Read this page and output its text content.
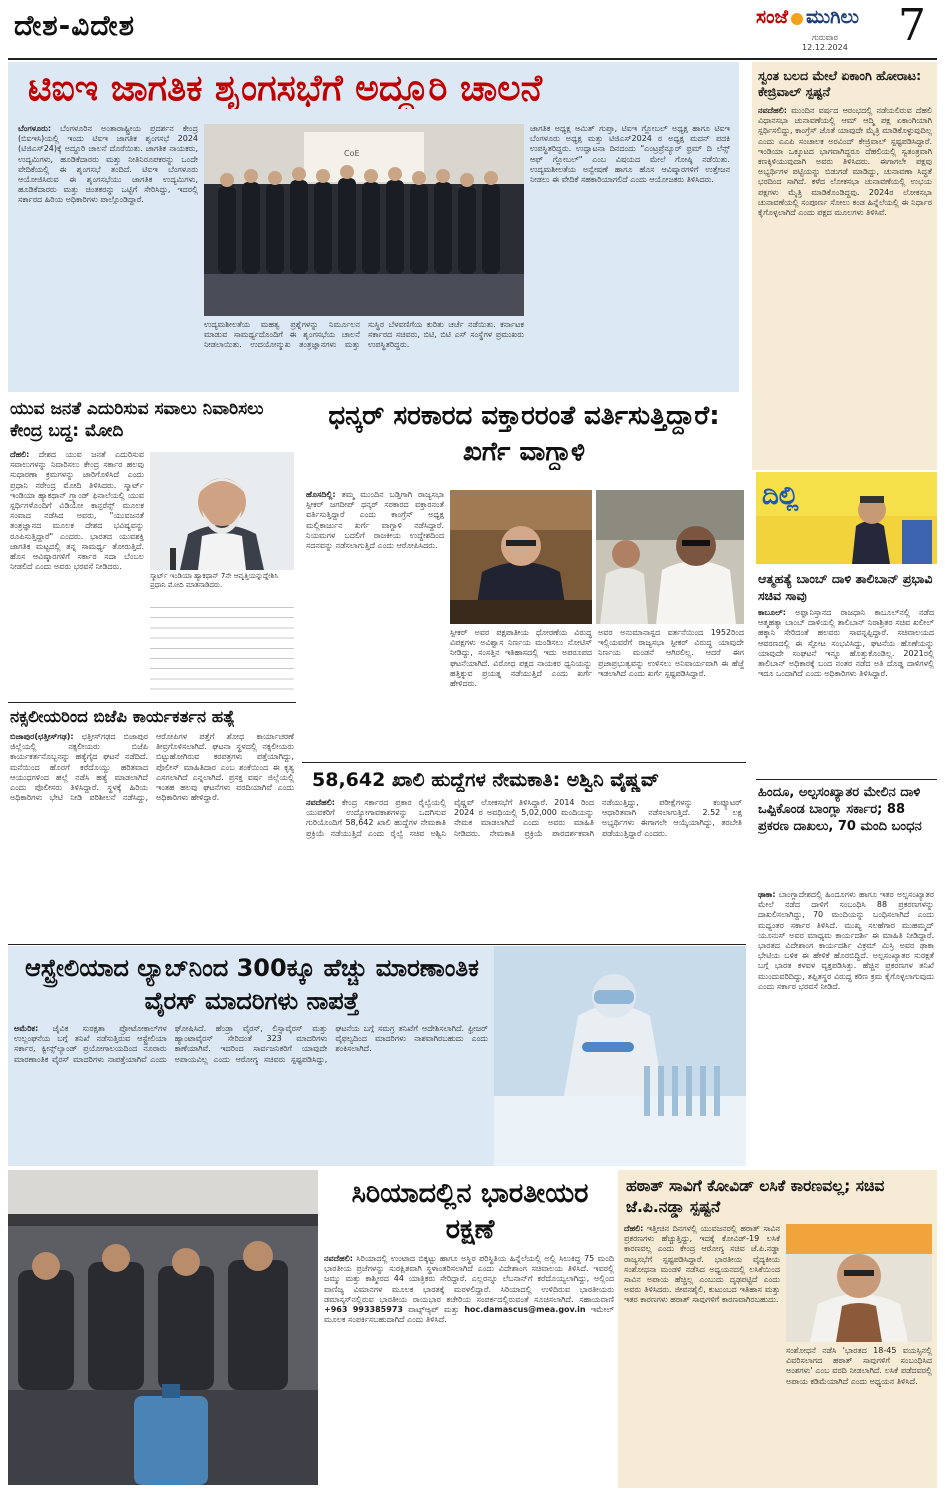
ದೇಶ-ವಿದೇಶ	ಸಂಜೆ ಮುಗಿಲು
ಗುರುವಾರ
12.12.2024 7
ಟಿಐಇ ಜಾಗತಿಕ ಶೃಂಗಸಭೆಗೆ ಅದ್ದೂರಿ ಚಾಲನೆ
ಬೆಂಗಳೂರು: ಬೆಂಗಳೂರಿನ ಅಂತಾರಾಷ್ಟ್ರೀಯ ಪ್ರದರ್ಶನ ಕೇಂದ್ರ (ಬಿಐಇಸಿ)ಯಲ್ಲಿ ಇಂದು ಟಿಐಇ ಜಾಗತಿಕ ಶೃಂಗಸಭೆ 2024 (ಟಿಜಿಎಸ್24)ಕ್ಕೆ ಅದ್ದೂರಿ ಚಾಲನೆ ದೊರೆಯಿತು. ಜಾಗತಿಕ ನಾಯಕರು, ಉದ್ಯಮಿಗಳು, ಹೂಡಿಕೆದಾರರು ಮತ್ತು ನೀತಿನಿರೂಪಕರನ್ನು ಒಂದೇ ವೇದಿಕೆಯಲ್ಲಿ ಈ ಶೃಂಗಸಭೆ ತಂದಿದೆ. ಟಿಐಇ ಬೆಂಗಳೂರು ಆಯೋಜಿಸಿರುವ ಈ ಶೃಂಗಸಭೆಯು ಜಾಗತಿಕ ಉದ್ಯಮಿಗಳು, ಹೂಡಿಕೆದಾರರು ಮತ್ತು ಚಿಂತಕರನ್ನು ಒಟ್ಟಿಗೆ ಸೇರಿಸಿದ್ದು, ಇದರಲ್ಲಿ ಸರ್ಕಾರದ ಹಿರಿಯ ಅಧಿಕಾರಿಗಳು ಪಾಲ್ಗೊಂಡಿದ್ದಾರೆ.
CoE
ಉದ್ಯಮಶೀಲತೆಯ ಮಹತ್ವ ಪ್ರಶ್ನೆಗಳನ್ನು ನಿರ್ಮೂಲನ ಮಾಡುವ ಸಾಮರ್ಥ್ಯದೊಂದಿಗೆ ಈ ಶೃಂಗಸಭೆಯ ಚಾಲನೆ ನೀಡಲಾಯಿತು. ಉದಯೋನ್ಮುಖ ತಂತ್ರಜ್ಞಾನಗಳು ಮತ್ತು ಸುಸ್ಥಿರ ಬೆಳವಣಿಗೆಯ ಕುರಿತು ಚರ್ಚೆ ನಡೆಯಿತು. ಕರ್ನಾಟಕ ಸರ್ಕಾರದ ಸಚಿವರು, ಬಿಟಿ, ಬಿಟಿ ಎಸ್ ಸಂಸ್ಥೆಗಳ ಪ್ರಮುಖರು ಉಪಸ್ಥಿತರಿದ್ದರು.
ಜಾಗತಿಕ ಅಧ್ಯಕ್ಷ ಅಮಿತ್ ಗುಪ್ತಾ, ಟಿಐಇ ಗ್ಲೋಬಲ್ ಅಧ್ಯಕ್ಷ ಹಾಗೂ ಟಿಐಇ ಬೆಂಗಳೂರು ಅಧ್ಯಕ್ಷ ಮತ್ತು ಟಿಜಿಎಸ್2024 ರ ಅಧ್ಯಕ್ಷ ಮದನ್ ಪದಕಿ ಉಪಸ್ಥಿತರಿದ್ದರು. ಉದ್ಘಾಟನಾ ದಿನದಂದು "ಎಂಟ್ರಪ್ರೆನ್ಯೂರ್ ಫ್ರಮ್ ದಿ ಲೆನ್ಸ್ ಆಫ್ ಗ್ಲೋಬಲ್" ಎಂಬ ವಿಷಯದ ಮೇಲೆ ಗೋಷ್ಠಿ ನಡೆಯಿತು. ಉದ್ಯಮಶೀಲತೆಯ ಅನ್ವೇಷಣೆ ಹಾಗೂ ಹೊಸ ಆವಿಷ್ಕಾರಗಳಿಗೆ ಉತ್ತೇಜನ ನೀಡಲು ಈ ವೇದಿಕೆ ಸಹಕಾರಿಯಾಗಲಿದೆ ಎಂದು ಆಯೋಜಕರು ತಿಳಿಸಿದರು.
ಸ್ವಂತ ಬಲದ ಮೇಲೆ ಏಕಾಂಗಿ ಹೋರಾಟ: ಕೇಜ್ರಿವಾಲ್ ಸ್ಪಷ್ಟನೆ
ನವದೆಹಲಿ: ಮುಂದಿನ ವರ್ಷದ ಆರಂಭದಲ್ಲಿ ನಡೆಯಲಿರುವ ದೆಹಲಿ ವಿಧಾನಸಭಾ ಚುನಾವಣೆಯಲ್ಲಿ ಆಮ್ ಆದ್ಮಿ ಪಕ್ಷ ಏಕಾಂಗಿಯಾಗಿ ಸ್ಪರ್ಧಿಸಲಿದ್ದು, ಕಾಂಗ್ರೆಸ್ ಜೊತೆ ಯಾವುದೇ ಮೈತ್ರಿ ಮಾಡಿಕೊಳ್ಳುವುದಿಲ್ಲ ಎಂದು ಎಎಪಿ ಸಂಚಾಲಕ ಅರವಿಂದ್ ಕೇಜ್ರಿವಾಲ್ ಸ್ಪಷ್ಟಪಡಿಸಿದ್ದಾರೆ. ಇಂಡಿಯಾ ಒಕ್ಕೂಟದ ಭಾಗವಾಗಿದ್ದರೂ ದೆಹಲಿಯಲ್ಲಿ ಸ್ವತಂತ್ರವಾಗಿ ಕಣಕ್ಕಿಳಿಯುವುದಾಗಿ ಅವರು ತಿಳಿಸಿದರು. ಈಗಾಗಲೇ ಪಕ್ಷವು ಅಭ್ಯರ್ಥಿಗಳ ಪಟ್ಟಿಯನ್ನು ಬಿಡುಗಡೆ ಮಾಡಿದ್ದು, ಚುನಾವಣಾ ಸಿದ್ಧತೆ ಭರದಿಂದ ಸಾಗಿದೆ. ಕಳೆದ ಲೋಕಸಭಾ ಚುನಾವಣೆಯಲ್ಲಿ ಉಭಯ ಪಕ್ಷಗಳು ಮೈತ್ರಿ ಮಾಡಿಕೊಂಡಿದ್ದವು. 2024ರ ಲೋಕಸಭಾ ಚುನಾವಣೆಯಲ್ಲಿ ಸಂಪೂರ್ಣ ಸೋಲು ಕಂಡ ಹಿನ್ನೆಲೆಯಲ್ಲಿ ಈ ನಿರ್ಧಾರ ಕೈಗೊಳ್ಳಲಾಗಿದೆ ಎಂದು ಪಕ್ಷದ ಮೂಲಗಳು ತಿಳಿಸಿವೆ.
ದಿಲ್ಲಿ
ಆತ್ಮಹತ್ಯೆ ಬಾಂಬ್ ದಾಳಿ ತಾಲಿಬಾನ್ ಪ್ರಭಾವಿ ಸಚಿವ ಸಾವು
ಕಾಬೂಲ್: ಅಫ್ಘಾನಿಸ್ತಾನದ ರಾಜಧಾನಿ ಕಾಬೂಲ್‌ನಲ್ಲಿ ನಡೆದ ಆತ್ಮಹತ್ಯಾ ಬಾಂಬ್ ದಾಳಿಯಲ್ಲಿ ತಾಲಿಬಾನ್ ನಿರಾಶ್ರಿತರ ಸಚಿವ ಖಲೀಲ್ ಹಕ್ಕಾನಿ ಸೇರಿದಂತೆ ಹಲವರು ಸಾವನ್ನಪ್ಪಿದ್ದಾರೆ. ಸಚಿವಾಲಯದ ಆವರಣದಲ್ಲಿ ಈ ಸ್ಫೋಟ ಸಂಭವಿಸಿದ್ದು, ಘಟನೆಯ ಹೊಣೆಯನ್ನು ಯಾವುದೇ ಸಂಘಟನೆ ಇನ್ನೂ ಹೊತ್ತುಕೊಂಡಿಲ್ಲ. 2021ರಲ್ಲಿ ತಾಲಿಬಾನ್ ಅಧಿಕಾರಕ್ಕೆ ಬಂದ ನಂತರ ನಡೆದ ಅತಿ ದೊಡ್ಡ ದಾಳಿಗಳಲ್ಲಿ ಇದೂ ಒಂದಾಗಿದೆ ಎಂದು ಅಧಿಕಾರಿಗಳು ತಿಳಿಸಿದ್ದಾರೆ.
ಹಿಂದೂ, ಅಲ್ಪಸಂಖ್ಯಾತರ ಮೇಲಿನ ದಾಳಿ ಒಪ್ಪಿಕೊಂಡ ಬಾಂಗ್ಲಾ ಸರ್ಕಾರ; 88 ಪ್ರಕರಣ ದಾಖಲು, 70 ಮಂದಿ ಬಂಧನ
ಢಾಕಾ: ಬಾಂಗ್ಲಾದೇಶದಲ್ಲಿ ಹಿಂದೂಗಳು ಹಾಗೂ ಇತರ ಅಲ್ಪಸಂಖ್ಯಾತರ ಮೇಲೆ ನಡೆದ ದಾಳಿಗೆ ಸಂಬಂಧಿಸಿ 88 ಪ್ರಕರಣಗಳನ್ನು ದಾಖಲಿಸಲಾಗಿದ್ದು, 70 ಮಂದಿಯನ್ನು ಬಂಧಿಸಲಾಗಿದೆ ಎಂದು ಮಧ್ಯಂತರ ಸರ್ಕಾರ ತಿಳಿಸಿದೆ. ಮುಖ್ಯ ಸಲಹೆಗಾರ ಮುಹಮ್ಮದ್ ಯೂನುಸ್ ಅವರ ಮಾಧ್ಯಮ ಕಾರ್ಯದರ್ಶಿ ಈ ಮಾಹಿತಿ ನೀಡಿದ್ದಾರೆ. ಭಾರತದ ವಿದೇಶಾಂಗ ಕಾರ್ಯದರ್ಶಿ ವಿಕ್ರಮ್ ಮಿಸ್ರಿ ಅವರ ಢಾಕಾ ಭೇಟಿಯ ಬಳಿಕ ಈ ಹೇಳಿಕೆ ಹೊರಬಿದ್ದಿದೆ. ಅಲ್ಪಸಂಖ್ಯಾತರ ಸುರಕ್ಷತೆ ಬಗ್ಗೆ ಭಾರತ ಕಳವಳ ವ್ಯಕ್ತಪಡಿಸಿತ್ತು. ಹೆಚ್ಚಿನ ಪ್ರಕರಣಗಳ ತನಿಖೆ ಮುಂದುವರಿದಿದ್ದು, ತಪ್ಪಿತಸ್ಥರ ವಿರುದ್ಧ ಕಠಿಣ ಕ್ರಮ ಕೈಗೊಳ್ಳಲಾಗುವುದು ಎಂದು ಸರ್ಕಾರ ಭರವಸೆ ನೀಡಿದೆ.
ಯುವ ಜನತೆ ಎದುರಿಸುವ ಸವಾಲು ನಿವಾರಿಸಲು ಕೇಂದ್ರ ಬದ್ಧ: ಮೋದಿ
ದೆಹಲಿ: ದೇಶದ ಯುವ ಜನತೆ ಎದುರಿಸುವ ಸವಾಲುಗಳನ್ನು ನಿವಾರಿಸಲು ಕೇಂದ್ರ ಸರ್ಕಾರ ಹಲವು ಸುಧಾರಣಾ ಕ್ರಮಗಳನ್ನು ಜಾರಿಗೊಳಿಸಿದೆ ಎಂದು ಪ್ರಧಾನಿ ನರೇಂದ್ರ ಮೋದಿ ತಿಳಿಸಿದರು. ಸ್ಮಾರ್ಟ್ ಇಂಡಿಯಾ ಹ್ಯಾಕಥಾನ್ ಗ್ರ್ಯಾಂಡ್ ಫಿನಾಲೆಯಲ್ಲಿ ಯುವ ಸ್ಪರ್ಧಿಗಳೊಂದಿಗೆ ವಿಡಿಯೋ ಕಾನ್ಫರೆನ್ಸ್ ಮೂಲಕ ಸಂವಾದ ನಡೆಸಿದ ಅವರು, "ಯುವಜನತೆ ತಂತ್ರಜ್ಞಾನದ ಮೂಲಕ ದೇಶದ ಭವಿಷ್ಯವನ್ನು ರೂಪಿಸುತ್ತಿದ್ದಾರೆ" ಎಂದರು. ಭಾರತದ ಯುವಶಕ್ತಿ ಜಾಗತಿಕ ಮಟ್ಟದಲ್ಲಿ ತನ್ನ ಸಾಮರ್ಥ್ಯ ತೋರುತ್ತಿದೆ. ಹೊಸ ಆವಿಷ್ಕಾರಗಳಿಗೆ ಸರ್ಕಾರ ಸದಾ ಬೆಂಬಲ ನೀಡಲಿದೆ ಎಂದು ಅವರು ಭರವಸೆ ನೀಡಿದರು.
ಸ್ಮಾರ್ಟ್ ಇಂಡಿಯಾ ಹ್ಯಾಕಥಾನ್ 7ನೇ ಆವೃತ್ತಿಯನ್ನುದ್ದೇಶಿಸಿ ಪ್ರಧಾನಿ ಮೋದಿ ಮಾತನಾಡಿದರು.
ನಕ್ಸಲೀಯರಿಂದ ಬಿಜೆಪಿ ಕಾರ್ಯಕರ್ತನ ಹತ್ಯೆ
ಬಿಜಾಪುರ(ಛತ್ತೀಸ್‌ಗಢ): ಛತ್ತೀಸ್‌ಗಢದ ಬಿಜಾಪುರ ಜಿಲ್ಲೆಯಲ್ಲಿ ನಕ್ಸಲೀಯರು ಬಿಜೆಪಿ ಕಾರ್ಯಕರ್ತನೊಬ್ಬನನ್ನು ಹತ್ಯೆಗೈದ ಘಟನೆ ನಡೆದಿದೆ. ಮನೆಯಿಂದ ಹೊರಗೆ ಕರೆದೊಯ್ದು ಹರಿತವಾದ ಆಯುಧಗಳಿಂದ ಹಲ್ಲೆ ನಡೆಸಿ ಹತ್ಯೆ ಮಾಡಲಾಗಿದೆ ಎಂದು ಪೊಲೀಸರು ತಿಳಿಸಿದ್ದಾರೆ. ಸ್ಥಳಕ್ಕೆ ಹಿರಿಯ ಅಧಿಕಾರಿಗಳು ಭೇಟಿ ನೀಡಿ ಪರಿಶೀಲನೆ ನಡೆಸಿದ್ದು, ಆರೋಪಿಗಳ ಪತ್ತೆಗೆ ಶೋಧ ಕಾರ್ಯಾಚರಣೆ ತೀವ್ರಗೊಳಿಸಲಾಗಿದೆ. ಘಟನಾ ಸ್ಥಳದಲ್ಲಿ ನಕ್ಸಲೀಯರು ಬಿಟ್ಟುಹೋಗಿರುವ ಕರಪತ್ರಗಳು ಪತ್ತೆಯಾಗಿದ್ದು, ಪೊಲೀಸ್ ಮಾಹಿತಿದಾರ ಎಂಬ ಶಂಕೆಯಿಂದ ಈ ಕೃತ್ಯ ಎಸಗಲಾಗಿದೆ ಎನ್ನಲಾಗಿದೆ. ಪ್ರಸಕ್ತ ವರ್ಷ ಜಿಲ್ಲೆಯಲ್ಲಿ ಇಂತಹ ಹಲವು ಘಟನೆಗಳು ವರದಿಯಾಗಿವೆ ಎಂದು ಅಧಿಕಾರಿಗಳು ಹೇಳಿದ್ದಾರೆ.
ಧನ್ಕರ್ ಸರಕಾರದ ವಕ್ತಾರರಂತೆ ವರ್ತಿಸುತ್ತಿದ್ದಾರೆ: ಖರ್ಗೆ ವಾಗ್ದಾಳಿ
ಹೊಸದಿಲ್ಲಿ: ತಮ್ಮ ಮುಂದಿನ ಬಡ್ತಿಗಾಗಿ ರಾಜ್ಯಸಭಾ ಸ್ಪೀಕರ್ ಜಗದೀಪ್ ಧನ್ಕರ್ ಸರಕಾರದ ವಕ್ತಾರನಂತೆ ವರ್ತಿಸುತ್ತಿದ್ದಾರೆ ಎಂದು ಕಾಂಗ್ರೆಸ್ ಅಧ್ಯಕ್ಷ ಮಲ್ಲಿಕಾರ್ಜುನ ಖರ್ಗೆ ವಾಗ್ದಾಳಿ ನಡೆಸಿದ್ದಾರೆ. ನಿಯಮಗಳ ಬದಲಿಗೆ ರಾಜಕೀಯ ಉದ್ದೇಶದಿಂದ ಸದನವನ್ನು ನಡೆಸಲಾಗುತ್ತಿದೆ ಎಂದು ಆರೋಪಿಸಿದರು.
ಸ್ಪೀಕರ್ ಅವರ ಪಕ್ಷಪಾತೀಯ ಧೋರಣೆಯ ವಿರುದ್ಧ ವಿಪಕ್ಷಗಳು ಅವಿಶ್ವಾಸ ನಿರ್ಣಯ ಮಂಡಿಸಲು ನೋಟಿಸ್ ನೀಡಿದ್ದು, ಸಂಸತ್ತಿನ ಇತಿಹಾಸದಲ್ಲಿ ಇದು ಅಪರೂಪದ ಘಟನೆಯಾಗಿದೆ. ವಿರೋಧ ಪಕ್ಷದ ನಾಯಕರ ಧ್ವನಿಯನ್ನು ಹತ್ತಿಕ್ಕುವ ಪ್ರಯತ್ನ ನಡೆಯುತ್ತಿದೆ ಎಂದು ಖರ್ಗೆ ಹೇಳಿದರು.
ಅವರ ಅನುಮಾನಾಸ್ಪದ ವರ್ತನೆಯಿಂದ 1952ರಿಂದ ಇಲ್ಲಿಯವರೆಗೆ ರಾಜ್ಯಸಭಾ ಸ್ಪೀಕರ್ ವಿರುದ್ಧ ಯಾವುದೇ ನಿರ್ಣಯ ಮಂಡನೆ ಆಗಿರಲಿಲ್ಲ. ಆದರೆ ಈಗ ಪ್ರಜಾಪ್ರಭುತ್ವವನ್ನು ಉಳಿಸಲು ಅನಿವಾರ್ಯವಾಗಿ ಈ ಹೆಜ್ಜೆ ಇಡಲಾಗಿದೆ ಎಂದು ಖರ್ಗೆ ಸ್ಪಷ್ಟಪಡಿಸಿದ್ದಾರೆ.
58,642 ಖಾಲಿ ಹುದ್ದೆಗಳ ನೇಮಕಾತಿ: ಅಶ್ವಿನಿ ವೈಷ್ಣವ್
ನವದೆಹಲಿ: ಕೇಂದ್ರ ಸರ್ಕಾರದ ಪ್ರಕಾರ ರೈಲ್ವೆಯಲ್ಲಿ ಯುವಕರಿಗೆ ಉದ್ಯೋಗಾವಕಾಶಗಳನ್ನು ಒದಗಿಸುವ ಗುರಿಯೊಂದಿಗೆ 58,642 ಖಾಲಿ ಹುದ್ದೆಗಳ ನೇಮಕಾತಿ ಪ್ರಕ್ರಿಯೆ ನಡೆಯುತ್ತಿದೆ ಎಂದು ರೈಲ್ವೆ ಸಚಿವ ಅಶ್ವಿನಿ ವೈಷ್ಣವ್ ಲೋಕಸಭೆಗೆ ತಿಳಿಸಿದ್ದಾರೆ. 2014 ರಿಂದ 2024 ರ ಅವಧಿಯಲ್ಲಿ 5,02,000 ಮಂದಿಯನ್ನು ನೇಮಕ ಮಾಡಲಾಗಿದೆ ಎಂದು ಅವರು ಮಾಹಿತಿ ನೀಡಿದರು. ನೇಮಕಾತಿ ಪ್ರಕ್ರಿಯೆ ಪಾರದರ್ಶಕವಾಗಿ ನಡೆಯುತ್ತಿದ್ದು, ಪರೀಕ್ಷೆಗಳನ್ನು ಕಂಪ್ಯೂಟರ್ ಆಧಾರಿತವಾಗಿ ನಡೆಸಲಾಗುತ್ತಿದೆ. 2.52 ಲಕ್ಷ ಅಭ್ಯರ್ಥಿಗಳು ಈಗಾಗಲೇ ಆಯ್ಕೆಯಾಗಿದ್ದು, ತರಬೇತಿ ಪಡೆಯುತ್ತಿದ್ದಾರೆ ಎಂದರು.
ಆಸ್ಟ್ರೇಲಿಯಾದ ಲ್ಯಾಬ್‌ನಿಂದ 300ಕ್ಕೂ ಹೆಚ್ಚು ಮಾರಣಾಂತಿಕ ವೈರಸ್ ಮಾದರಿಗಳು ನಾಪತ್ತೆ
ಅಮೆರಿಕ: ಜೈವಿಕ ಸುರಕ್ಷತಾ ಪ್ರೋಟೋಕಾಲ್‌ಗಳ ಉಲ್ಲಂಘನೆಯ ಬಗ್ಗೆ ತನಿಖೆ ನಡೆಸುತ್ತಿರುವ ಆಸ್ಟ್ರೇಲಿಯಾ ಸರ್ಕಾರ, ಕ್ವೀನ್ಸ್‌ಲ್ಯಾಂಡ್ ಪ್ರಯೋಗಾಲಯದಿಂದ ನೂರಾರು ಮಾರಣಾಂತಿಕ ವೈರಸ್ ಮಾದರಿಗಳು ನಾಪತ್ತೆಯಾಗಿವೆ ಎಂದು ಘೋಷಿಸಿದೆ. ಹೆಂಡ್ರಾ ವೈರಸ್, ಲಿಸ್ಸಾವೈರಸ್ ಮತ್ತು ಹ್ಯಾಂಟಾವೈರಸ್ ಸೇರಿದಂತೆ 323 ಮಾದರಿಗಳು ಕಾಣೆಯಾಗಿವೆ. ಇದರಿಂದ ಸಾರ್ವಜನಿಕರಿಗೆ ಯಾವುದೇ ಅಪಾಯವಿಲ್ಲ ಎಂದು ಆರೋಗ್ಯ ಸಚಿವರು ಸ್ಪಷ್ಟಪಡಿಸಿದ್ದು, ಘಟನೆಯ ಬಗ್ಗೆ ಸಮಗ್ರ ತನಿಖೆಗೆ ಆದೇಶಿಸಲಾಗಿದೆ. ಫ್ರೀಜರ್ ವೈಫಲ್ಯದಿಂದ ಮಾದರಿಗಳು ನಾಶವಾಗಿರಬಹುದು ಎಂದು ಶಂಕಿಸಲಾಗಿದೆ.
ಸಿರಿಯಾದಲ್ಲಿನ ಭಾರತೀಯರ ರಕ್ಷಣೆ
ನವದೆಹಲಿ: ಸಿರಿಯಾದಲ್ಲಿ ಉಂಟಾದ ಬಿಕ್ಕಟ್ಟು ಹಾಗೂ ಅಸ್ಥಿರ ಪರಿಸ್ಥಿತಿಯ ಹಿನ್ನೆಲೆಯಲ್ಲಿ ಅಲ್ಲಿ ಸಿಲುಕಿದ್ದ 75 ಮಂದಿ ಭಾರತೀಯ ಪ್ರಜೆಗಳನ್ನು ಸುರಕ್ಷಿತವಾಗಿ ಸ್ಥಳಾಂತರಿಸಲಾಗಿದೆ ಎಂದು ವಿದೇಶಾಂಗ ಸಚಿವಾಲಯ ತಿಳಿಸಿದೆ. ಇವರಲ್ಲಿ ಜಮ್ಮು ಮತ್ತು ಕಾಶ್ಮೀರದ 44 ಯಾತ್ರಿಕರು ಸೇರಿದ್ದಾರೆ. ಎಲ್ಲರನ್ನೂ ಲೆಬನಾನ್‌ಗೆ ಕರೆದೊಯ್ಯಲಾಗಿದ್ದು, ಅಲ್ಲಿಂದ ವಾಣಿಜ್ಯ ವಿಮಾನಗಳ ಮೂಲಕ ಭಾರತಕ್ಕೆ ಮರಳಲಿದ್ದಾರೆ. ಸಿರಿಯಾದಲ್ಲಿ ಉಳಿದಿರುವ ಭಾರತೀಯರು ಡಮಾಸ್ಕಸ್‌ನಲ್ಲಿರುವ ಭಾರತೀಯ ರಾಯಭಾರ ಕಚೇರಿಯ ಸಂಪರ್ಕದಲ್ಲಿರುವಂತೆ ಸೂಚಿಸಲಾಗಿದೆ. ಸಹಾಯವಾಣಿ +963 993385973 ವಾಟ್ಸ್ಆ್ಯಪ್ ಮತ್ತು hoc.damascus@mea.gov.in ಇಮೇಲ್ ಮೂಲಕ ಸಂಪರ್ಕಿಸಬಹುದಾಗಿದೆ ಎಂದು ತಿಳಿಸಿದೆ.
ಹಠಾತ್ ಸಾವಿಗೆ ಕೋವಿಡ್ ಲಸಿಕೆ ಕಾರಣವಲ್ಲ; ಸಚಿವ ಜೆ.ಪಿ.ನಡ್ಡಾ ಸ್ಪಷ್ಟನೆ
ದೆಹಲಿ: ಇತ್ತೀಚಿನ ದಿನಗಳಲ್ಲಿ ಯುವಜನರಲ್ಲಿ ಹಠಾತ್ ಸಾವಿನ ಪ್ರಕರಣಗಳು ಹೆಚ್ಚುತ್ತಿದ್ದು, ಇದಕ್ಕೆ ಕೋವಿಡ್-19 ಲಸಿಕೆ ಕಾರಣವಲ್ಲ ಎಂದು ಕೇಂದ್ರ ಆರೋಗ್ಯ ಸಚಿವ ಜೆ.ಪಿ.ನಡ್ಡಾ ರಾಜ್ಯಸಭೆಗೆ ಸ್ಪಷ್ಟಪಡಿಸಿದ್ದಾರೆ. ಭಾರತೀಯ ವೈದ್ಯಕೀಯ ಸಂಶೋಧನಾ ಮಂಡಳಿ ನಡೆಸಿದ ಅಧ್ಯಯನದಲ್ಲಿ ಲಸಿಕೆಯಿಂದ ಸಾವಿನ ಅಪಾಯ ಹೆಚ್ಚಿಲ್ಲ ಎಂಬುದು ದೃಢಪಟ್ಟಿದೆ ಎಂದು ಅವರು ತಿಳಿಸಿದರು. ಜೀವನಶೈಲಿ, ಕುಟುಂಬದ ಇತಿಹಾಸ ಮತ್ತು ಇತರ ಕಾರಣಗಳು ಹಠಾತ್ ಸಾವುಗಳಿಗೆ ಕಾರಣವಾಗಿರಬಹುದು.
ಸಂಶೋಧನೆ ನಡೆಸಿ 'ಭಾರತದ 18-45 ವಯಸ್ಸಿನಲ್ಲಿ ವಿವರಿಸಲಾಗದ ಹಠಾತ್ ಸಾವುಗಳಿಗೆ ಸಂಬಂಧಿಸಿದ ಅಂಶಗಳು' ಎಂಬ ವರದಿ ನೀಡಲಾಗಿದೆ. ಲಸಿಕೆ ಪಡೆದವರಲ್ಲಿ ಅಪಾಯ ಕಡಿಮೆಯಾಗಿದೆ ಎಂದು ಅಧ್ಯಯನ ತಿಳಿಸಿದೆ.
